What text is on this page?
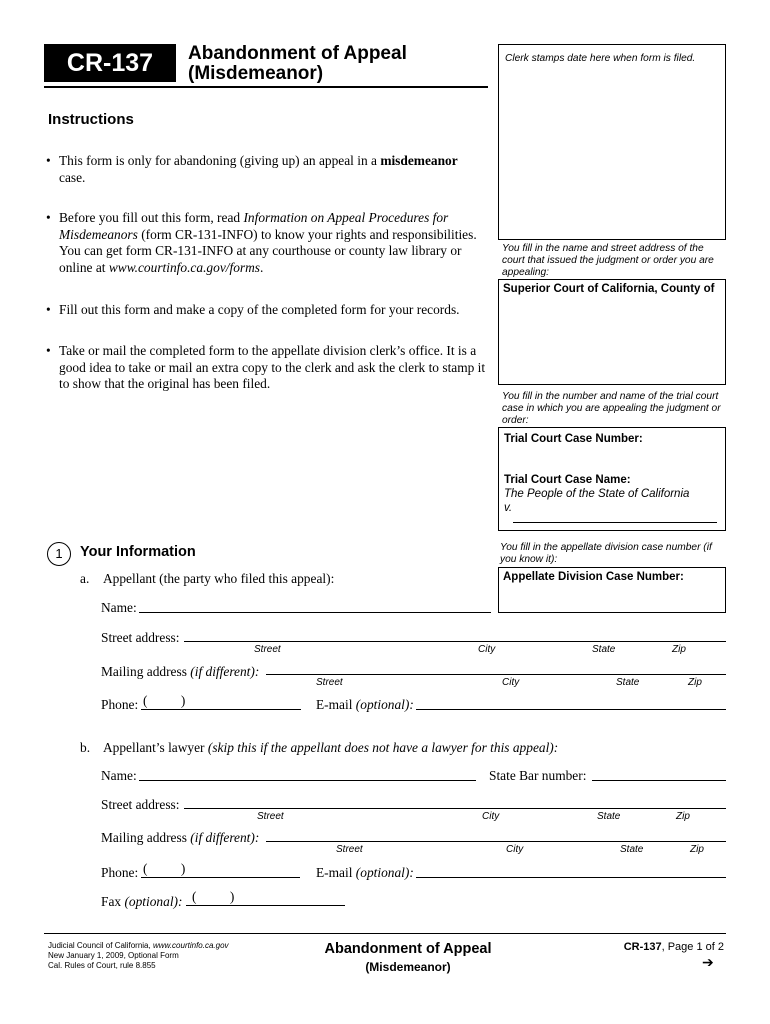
CR-137	Abandonment of Appeal
(Misdemeanor)
Clerk stamps date here when form is filed.
You fill in the name and street address of the court that issued the judgment or order you are appealing:
Superior Court of California, County of
You fill in the number and name of the trial court case in which you are appealing the judgment or order:
Trial Court Case Number:
Trial Court Case Name:
The People of the State of California
v.
You fill in the appellate division case number (if you know it):
Appellate Division Case Number:
Instructions
• This form is only for abandoning (giving up) an appeal in a misdemeanor
case.
• Before you fill out this form, read Information on Appeal Procedures for Misdemeanors (form CR-131-INFO) to know your rights and responsibilities. You can get form CR-131-INFO at any courthouse or county law library or online at www.courtinfo.ca.gov/forms.
• Fill out this form and make a copy of the completed form for your records.
• Take or mail the completed form to the appellate division clerk’s office. It is a good idea to take or mail an extra copy to the clerk and ask the clerk to stamp it to show that the original has been filed.
1	Your Information
a. Appellant (the party who filed this appeal):
Name:
Street address:
Street	City	State	Zip
Mailing address (if different):
Street	City	State	Zip
Phone: (          )	E-mail (optional):
b. Appellant’s lawyer (skip this if the appellant does not have a lawyer for this appeal):
Name:	State Bar number:
Street address:
Street	City	State	Zip
Mailing address (if different):
Street	City	State	Zip
Phone: (          )	E-mail (optional):
Fax (optional): (          )
Judicial Council of California, www.courtinfo.ca.gov
New January 1, 2009, Optional Form
Cal. Rules of Court, rule 8.855
Abandonment of Appeal
(Misdemeanor)
CR-137, Page 1 of 2
➔
